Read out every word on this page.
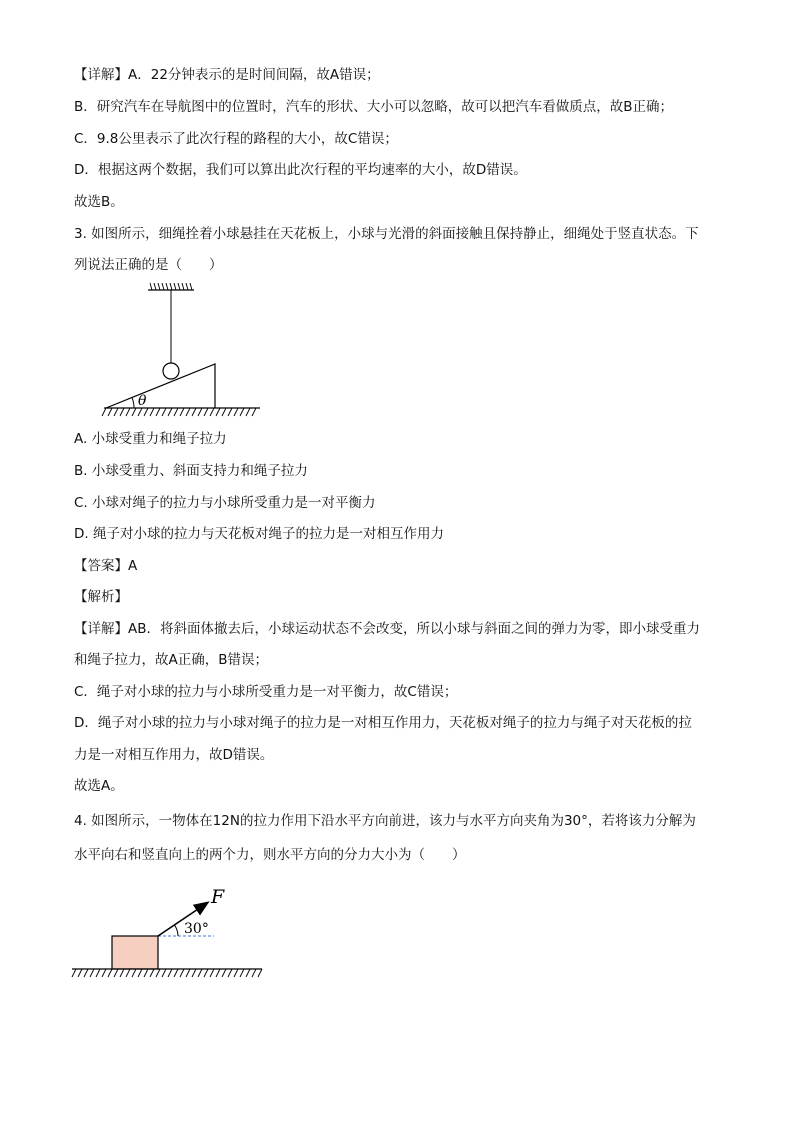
【详解】A．22分钟表示的是时间间隔，故A错误；
B．研究汽车在导航图中的位置时，汽车的形状、大小可以忽略，故可以把汽车看做质点，故B正确；
C．9.8公里表示了此次行程的路程的大小，故C错误；
D．根据这两个数据，我们可以算出此次行程的平均速率的大小，故D错误。
故选B。
3. 如图所示，细绳拴着小球悬挂在天花板上，小球与光滑的斜面接触且保持静止，细绳处于竖直状态。下
列说法正确的是（　　）
θ
A. 小球受重力和绳子拉力
B. 小球受重力、斜面支持力和绳子拉力
C. 小球对绳子的拉力与小球所受重力是一对平衡力
D. 绳子对小球的拉力与天花板对绳子的拉力是一对相互作用力
【答案】A
【解析】
【详解】AB．将斜面体撤去后，小球运动状态不会改变，所以小球与斜面之间的弹力为零，即小球受重力
和绳子拉力，故A正确，B错误；
C．绳子对小球的拉力与小球所受重力是一对平衡力，故C错误；
D．绳子对小球的拉力与小球对绳子的拉力是一对相互作用力，天花板对绳子的拉力与绳子对天花板的拉
力是一对相互作用力，故D错误。
故选A。
4. 如图所示，一物体在12N的拉力作用下沿水平方向前进，该力与水平方向夹角为30°，若将该力分解为
水平向右和竖直向上的两个力，则水平方向的分力大小为（　　）
30°
F
